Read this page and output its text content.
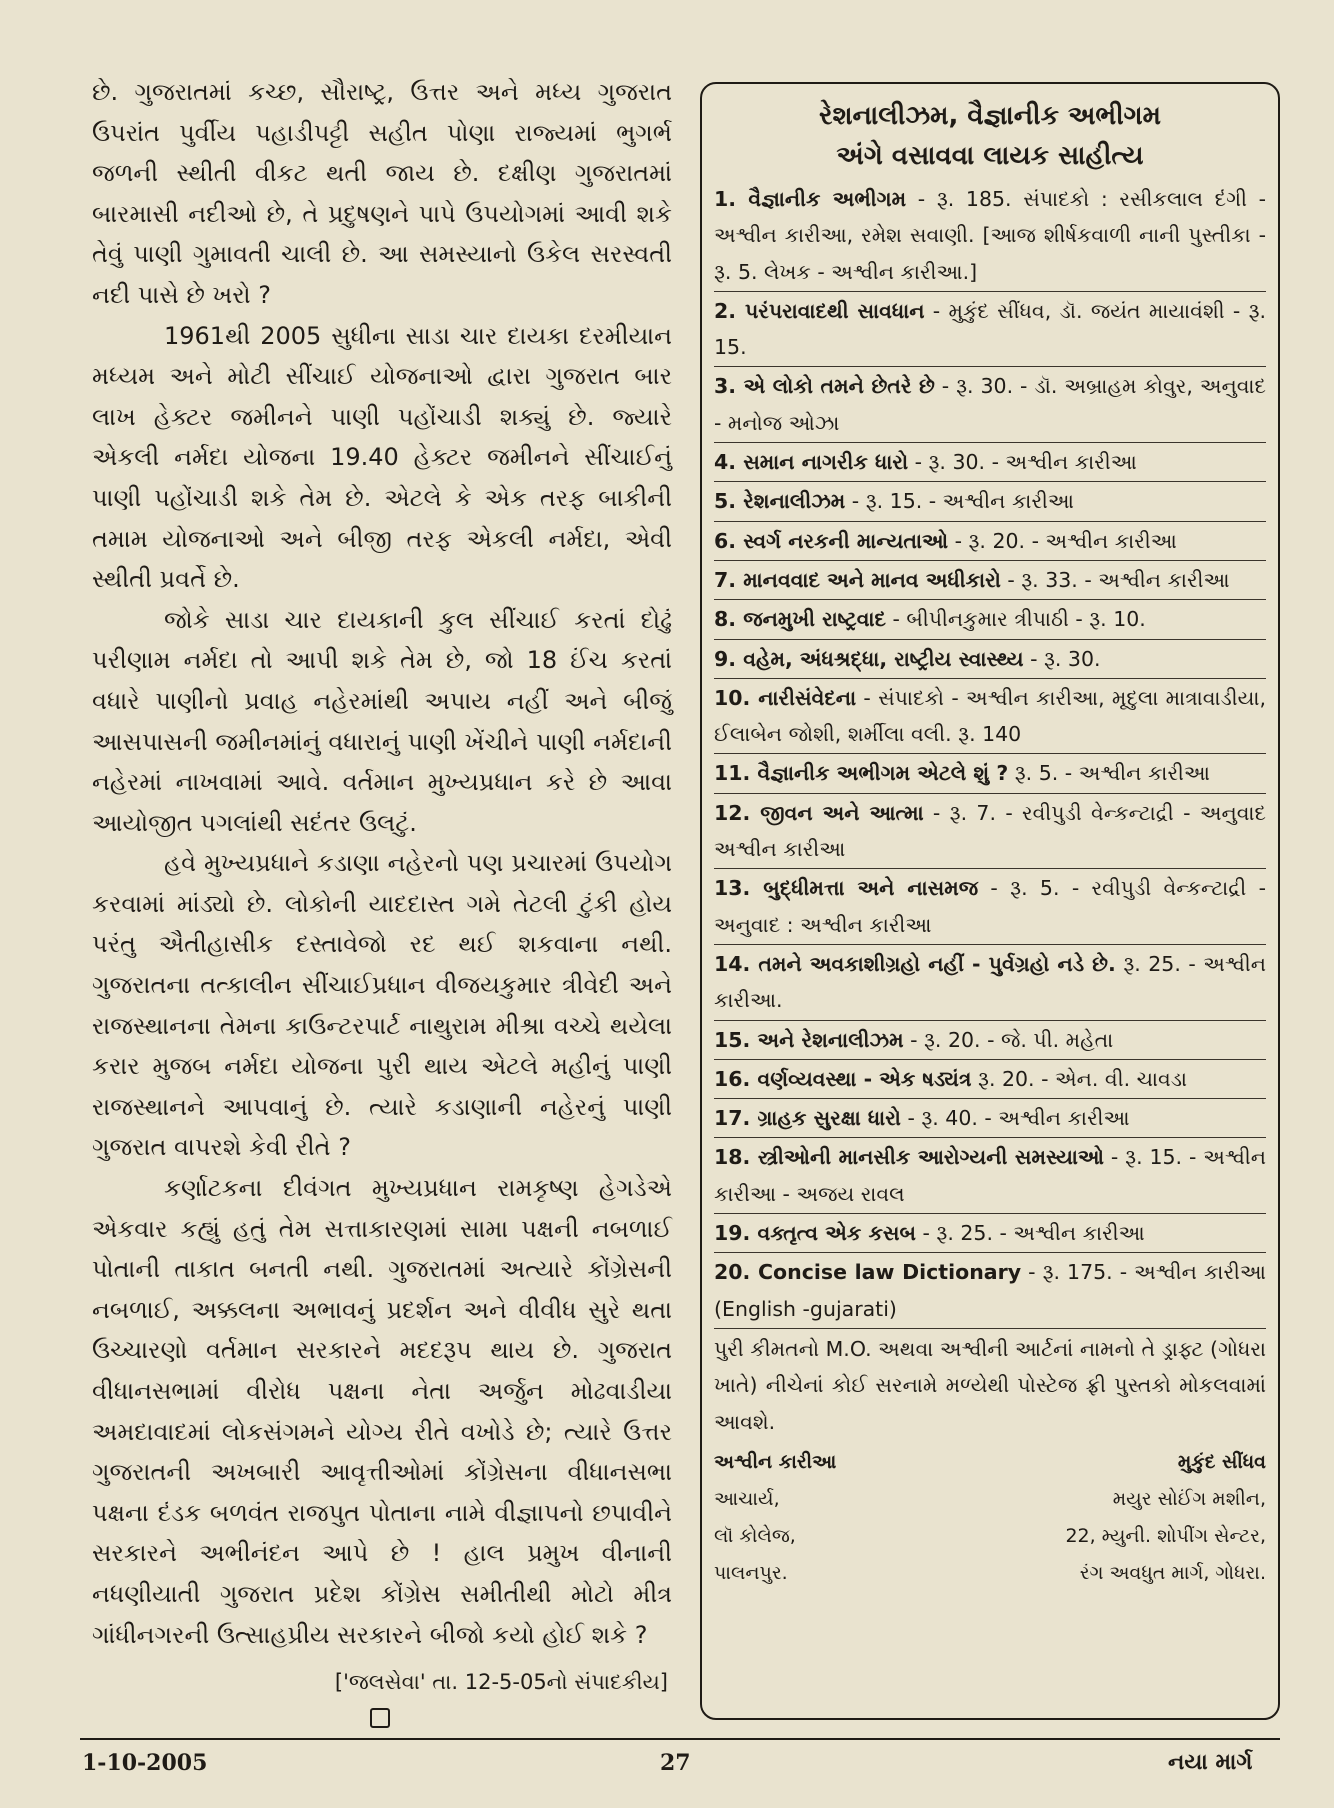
છે. ગુજરાતમાં કચ્છ, સૌરાષ્ટ્ર, ઉત્તર અને મધ્ય ગુજરાત ઉપરાંત પુર્વીય પહાડીપટ્ટી સહીત પોણા રાજ્યમાં ભુગર્ભ જળની સ્થીતી વીકટ થતી જાય છે. દક્ષીણ ગુજરાતમાં બારમાસી નદીઓ છે, તે પ્રદુષણને પાપે ઉપયોગમાં આવી શકે તેવું પાણી ગુમાવતી ચાલી છે. આ સમસ્યાનો ઉકેલ સરસ્વતી નદી પાસે છે ખરો ?

1961થી 2005 સુધીના સાડા ચાર દાયકા દરમીયાન મધ્યમ અને મોટી સીંચાઈ યોજનાઓ દ્વારા ગુજરાત બાર લાખ હેક્ટર જમીનને પાણી પહોંચાડી શક્યું છે. જ્યારે એકલી નર્મદા યોજના 19.40 હેક્ટર જમીનને સીંચાઈનું પાણી પહોંચાડી શકે તેમ છે. એટલે કે એક તરફ બાકીની તમામ યોજનાઓ અને બીજી તરફ એકલી નર્મદા, એવી સ્થીતી પ્રવર્તે છે.

જોકે સાડા ચાર દાયકાની કુલ સીંચાઈ કરતાં દોઢું પરીણામ નર્મદા તો આપી શકે તેમ છે, જો 18 ઈંચ કરતાં વધારે પાણીનો પ્રવાહ નહેરમાંથી અપાય નહીં અને બીજું આસપાસની જમીનમાંનું વધારાનું પાણી ખેંચીને પાણી નર્મદાની નહેરમાં નાખવામાં આવે. વર્તમાન મુખ્યપ્રધાન કરે છે આવા આયોજીત પગલાંથી સદંતર ઉલટું.

હવે મુખ્યપ્રધાને કડાણા નહેરનો પણ પ્રચારમાં ઉપયોગ કરવામાં માંડ્યો છે. લોકોની યાદદાસ્ત ગમે તેટલી ટુંકી હોય પરંતુ ઐતીહાસીક દસ્તાવેજો રદ થઈ શકવાના નથી. ગુજરાતના તત્કાલીન સીંચાઈપ્રધાન વીજયકુમાર ત્રીવેદી અને રાજસ્થાનના તેમના કાઉન્ટરપાર્ટ નાથુરામ મીશ્રા વચ્ચે થયેલા કરાર મુજબ નર્મદા યોજના પુરી થાય એટલે મહીનું પાણી રાજસ્થાનને આપવાનું છે. ત્યારે કડાણાની નહેરનું પાણી ગુજરાત વાપરશે કેવી રીતે ?

કર્ણાટકના દીવંગત મુખ્યપ્રધાન રામકૃષ્ણ હેગડેએ એકવાર કહ્યું હતું તેમ સત્તાકારણમાં સામા પક્ષની નબળાઈ પોતાની તાકાત બનતી નથી. ગુજરાતમાં અત્યારે કોંગ્રેસની નબળાઈ, અક્કલના અભાવનું પ્રદર્શન અને વીવીધ સુરે થતા ઉચ્ચારણો વર્તમાન સરકારને મદદરૂપ થાય છે. ગુજરાત વીધાનસભામાં વીરોધ પક્ષના નેતા અર્જુન મોઢવાડીયા અમદાવાદમાં લોકસંગમને યોગ્ય રીતે વખોડે છે; ત્યારે ઉત્તર ગુજરાતની અખબારી આવૃત્તીઓમાં કોંગ્રેસના વીધાનસભા પક્ષના દંડક બળવંત રાજપુત પોતાના નામે વીજ્ઞાપનો છપાવીને સરકારને અભીનંદન આપે છે ! હાલ પ્રમુખ વીનાની નધણીયાતી ગુજરાત પ્રદેશ કોંગ્રેસ સમીતીથી મોટો મીત્ર ગાંધીનગરની ઉત્સાહપ્રીય સરકારને બીજો કયો હોઈ શકે ?

['જલસેવા' તા. 12-5-05નો સંપાદકીય]
રેશનાલીઝમ, વૈજ્ઞાનીક અભીગમ
અંગે વસાવવા લાયક સાહીત્ય
1. વૈજ્ઞાનીક અભીગમ - રૂ. 185. સંપાદકો : રસીકલાલ દંગી - અશ્વીન કારીઆ, રમેશ સવાણી. [આજ શીર્ષકવાળી નાની પુસ્તીકા - રૂ. 5. લેખક - અશ્વીન કારીઆ.]
2. પરંપરાવાદથી સાવધાન - મુકુંદ સીંધવ, ડૉ. જયંત માયાવંશી - રૂ. 15.
3. એ લોકો તમને છેતરે છે - રૂ. 30. - ડૉ. અબ્રાહમ કોવુર, અનુવાદ - મનોજ ઓઝા
4. સમાન નાગરીક ધારો - રૂ. 30. - અશ્વીન કારીઆ
5. રેશનાલીઝમ - રૂ. 15. - અશ્વીન કારીઆ
6. સ્વર્ગ નરકની માન્યતાઓ - રૂ. 20. - અશ્વીન કારીઆ
7. માનવવાદ અને માનવ અધીકારો - રૂ. 33. - અશ્વીન કારીઆ
8. જનમુખી રાષ્ટ્રવાદ - બીપીનકુમાર ત્રીપાઠી - રૂ. 10.
9. વહેમ, અંધશ્રદ્ધા, રાષ્ટ્રીય સ્વાસ્થ્ય - રૂ. 30.
10. નારીસંવેદના - સંપાદકો - અશ્વીન કારીઆ, મૃદુલા માત્રાવાડીયા, ઈલાબેન જોશી, શર્મીલા વલી. રૂ. 140
11. વૈજ્ઞાનીક અભીગમ એટલે શું ? રૂ. 5. - અશ્વીન કારીઆ
12. જીવન અને આત્મા - રૂ. 7. - રવીપુડી વેન્કન્ટાદ્રી - અનુવાદ અશ્વીન કારીઆ
13. બુદ્ધીમત્તા અને નાસમજ - રૂ. 5. - રવીપુડી વેન્કન્ટાદ્રી - અનુવાદ : અશ્વીન કારીઆ
14. તમને અવકાશીગ્રહો નહીં - પુર્વગ્રહો નડે છે. રૂ. 25. - અશ્વીન કારીઆ.
15. અને રેશનાલીઝમ - રૂ. 20. - જે. પી. મહેતા
16. વર્ણવ્યવસ્થા - એક ષડ્યંત્ર રૂ. 20. - એન. વી. ચાવડા
17. ગ્રાહક સુરક્ષા ધારો - રૂ. 40. - અશ્વીન કારીઆ
18. સ્ત્રીઓની માનસીક આરોગ્યની સમસ્યાઓ - રૂ. 15. - અશ્વીન કારીઆ - અજય રાવલ
19. વક્તૃત્વ એક કસબ - રૂ. 25. - અશ્વીન કારીઆ
20. Concise law Dictionary - રૂ. 175. - અશ્વીન કારીઆ (English -gujarati)
પુરી કીમતનો M.O. અથવા અશ્વીની આર્ટનાં નામનો તે ડ્રાફ્ટ (ગોધરા ખાતે) નીચેનાં કોઈ સરનામે મળ્યેથી પોસ્ટેજ ફ્રી પુસ્તકો મોકલવામાં આવશે.
અશ્વીન કારીઆ
આચાર્ય,
લૉ કોલેજ,
પાલનપુર.
મુકુંદ સીંધવ
મયુર સોઈંગ મશીન,
22, મ્યુની. શોપીંગ સેન્ટર,
રંગ અવધુત માર્ગ, ગોધરા.
1-10-2005	27	નયા માર્ગ
